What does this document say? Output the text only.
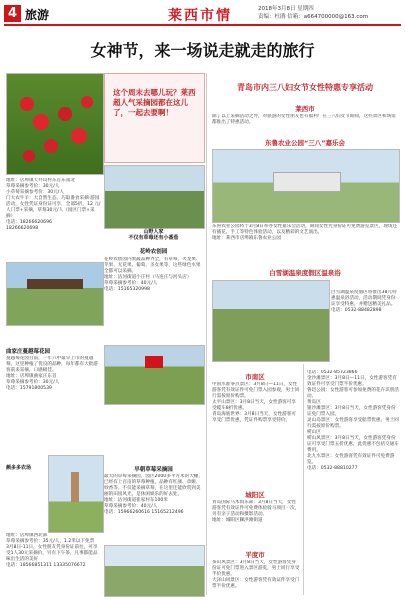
4 旅游	莱西市情	2018年3月8日 星期四
责编：杜鹃 信箱：a664700000@163.com
女神节，来一场说走就走的旅行
这个周末去哪儿玩？莱西超人气采摘园都在这儿了，一起去要啊！
地址：店埠镇天井山村东首东南北
草莓采摘参考价：30元/人
小草莓采摘参考价：30元/人
门大农牛羊：大自然生态，巧取番食采摘·游园活动，女性凭证身份证可享，全部5折，12 元/人门票+采摘，草莓30元/人（园区门票+采摘）
电话：18266620696
18266620698
山野人家
不仅有草莓还有小番茄
花岭农创园
花岭农创园内果蔬品种齐全，有草莓、火龙果、苹果、无花果、葡萄、圣女果等，这些绿色水果全都可以采摘。
地址：沽河街道小庄村（马连庄与河头店）
草莓采摘参考价：40元/人
电话：15165320998
曲家庄蔓越莓花园
蔓越莓花园目前，一年六中最早上市的蔓越莓。这里种植了优良的品种，每年都有大批游客前来采摘，口感极佳。
地址：店埠镇曲家庄东首
草莓采摘参考价：30元/人
电话：15791800539
颜多多农场
地址：店埠镇西北部
草莓采摘参考价：35元/人，1.2米以下免票
3月8日-11日，女性朋友凭身份证前往，可享受1人30元采摘价，另有下午茶，凡事都能品味出生活的美好
电话：18566851311 13335076672
早朝草莓采摘园
最大的草莓采摘园，园区2000多平方米的大棚，已经有上百亩的草莓种植，品种有红颜、章姬、妙香等。不仅能采摘草莓，在这里还能欣赏到美丽的田园风光，是休闲娱乐的好去处。
地址：沽河街道崔家村东100米
草莓采摘参考价：40元/人
电话：15966260616 15165212496
青岛市内三八妇女节女性特惠专享活动
莱西市
除了以上采摘活动之外，对旅游的女性朋友也有福利！在三八妇女节期间，这些景区和场馆都推出了特惠活动。
东鲁农业公园“三八”嘉乐会
东鲁农业公园将于3月8日举办女性嘉乐会活动，期间女性凭身份证可免费游览景区，现场还有插花、手工等特色体验活动，以及精彩的文艺演出。
地址：莱西市店埠镇东鲁农业公园
白雪湖温泉度假区温泉浴
白雪湖温泉度假区将推出38元特惠温泉浴活动，活动期间凭身份证享受特惠，并赠送精美礼品。
电话：0532-88482898
市南区
中国水准零点景区：3月8日—11日，女性游客凭有效证件可免门票入园参观，男士同行需按原价购票。
太平山景区：3月8日当天，女性游客可享受缆车8折优惠。
青岛海底世界：3月8日当天，女性游客可享受门票优惠，凭证件购票享受特价。
城阳区
青岛国际马术俱乐部：3月8日当天，女性游客凭有效证件可免费体验骑马项目一次，另有亲子活动和摄影活动。
地址：城阳区棘洪滩街道
平度市
茶山风景区：3月8日当天，女性游客凭身份证可免门票进入景区游览，男士同行享受半价优惠。
大泽山风景区：女性游客凭有效证件享受门票半价优惠。
电话：0532-85723866
金沙滩景区：3月8日—11日，女性游客凭有效证件可享受门票半价优惠。
鲁迅公园：女性游客可参加免费的花卉识别活动。
黄岛区
银沙滩景区：3月8日当天，女性游客凭身份证免门票入园。
灵山岛景区：女性游客享受船票优惠，男士同行需按原价购票。
崂山区
崂山风景区：3月8日当天，女性游客凭身份证可享受门票五折优惠，此优惠不包括交通车费用。
北九水景区：女性游客凭有效证件可免费游览。
电话：0532-88810277
